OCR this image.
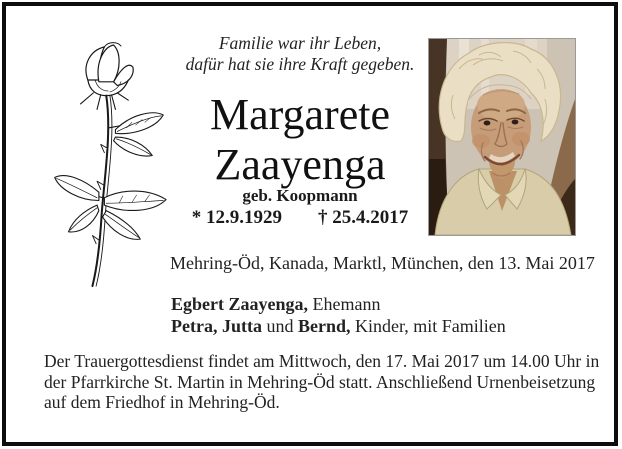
Familie war ihr Leben,
dafür hat sie ihre Kraft gegeben.
Margarete
Zaayenga
geb. Koopmann
* 12.9.1929 † 25.4.2017
Mehring-Öd, Kanada, Marktl, München, den 13. Mai 2017
Egbert Zaayenga, Ehemann
Petra, Jutta und Bernd, Kinder, mit Familien
Der Trauergottesdienst findet am Mittwoch, den 17. Mai 2017 um 14.00 Uhr in
der Pfarrkirche St. Martin in Mehring-Öd statt. Anschließend Urnenbeisetzung
auf dem Friedhof in Mehring-Öd.
